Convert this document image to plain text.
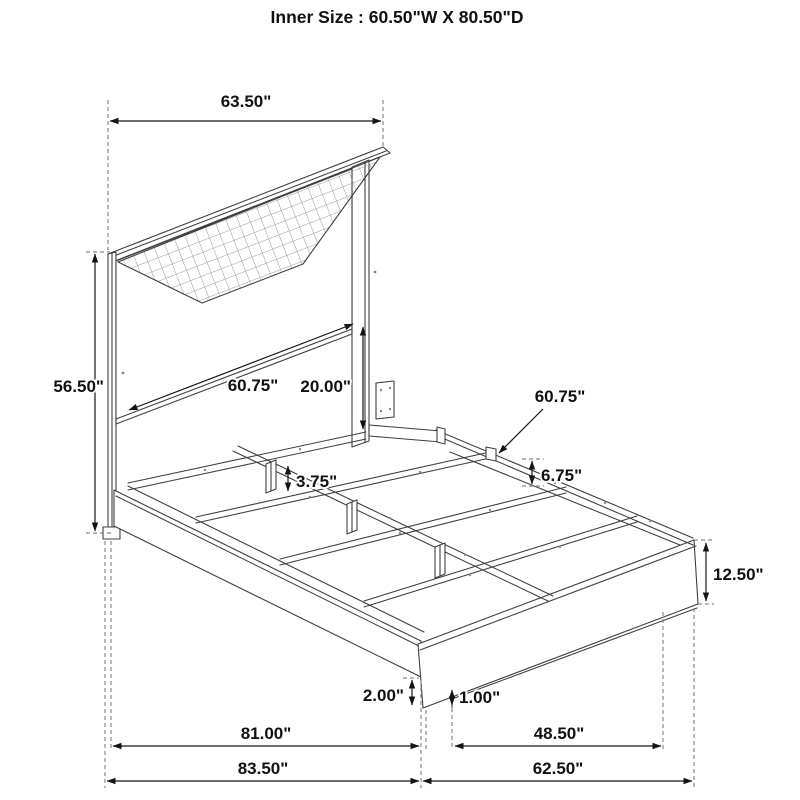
Inner Size : 60.50"W X 80.50"D
63.50"
56.50"	60.75" 20.00"
60.75"
6.75"
3.75"
12.50"
2.00"	1.00"
81.00"	48.50"
83.50"	62.50"
